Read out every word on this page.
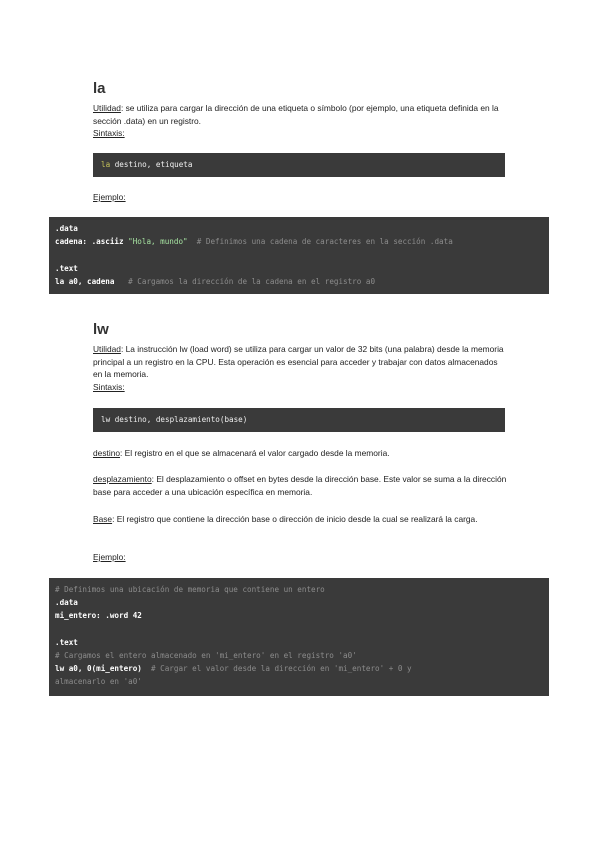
la
Utilidad: se utiliza para cargar la dirección de una etiqueta o símbolo (por ejemplo, una etiqueta definida en la sección .data) en un registro.
Sintaxis:
la destino, etiqueta
Ejemplo:
.data
cadena: .asciiz "Hola, mundo"  # Definimos una cadena de caracteres en la sección .data

.text
la a0, cadena   # Cargamos la dirección de la cadena en el registro a0
lw
Utilidad: La instrucción lw (load word) se utiliza para cargar un valor de 32 bits (una palabra) desde la memoria principal a un registro en la CPU. Esta operación es esencial para acceder y trabajar con datos almacenados en la memoria.
Sintaxis:
lw destino, desplazamiento(base)
destino: El registro en el que se almacenará el valor cargado desde la memoria.
desplazamiento: El desplazamiento o offset en bytes desde la dirección base. Este valor se suma a la dirección base para acceder a una ubicación específica en memoria.
Base: El registro que contiene la dirección base o dirección de inicio desde la cual se realizará la carga.
Ejemplo:
# Definimos una ubicación de memoria que contiene un entero
.data
mi_entero: .word 42

.text
# Cargamos el entero almacenado en 'mi_entero' en el registro 'a0'
lw a0, 0(mi_entero)  # Cargar el valor desde la dirección en 'mi_entero' + 0 y
almacenarlo en 'a0'
